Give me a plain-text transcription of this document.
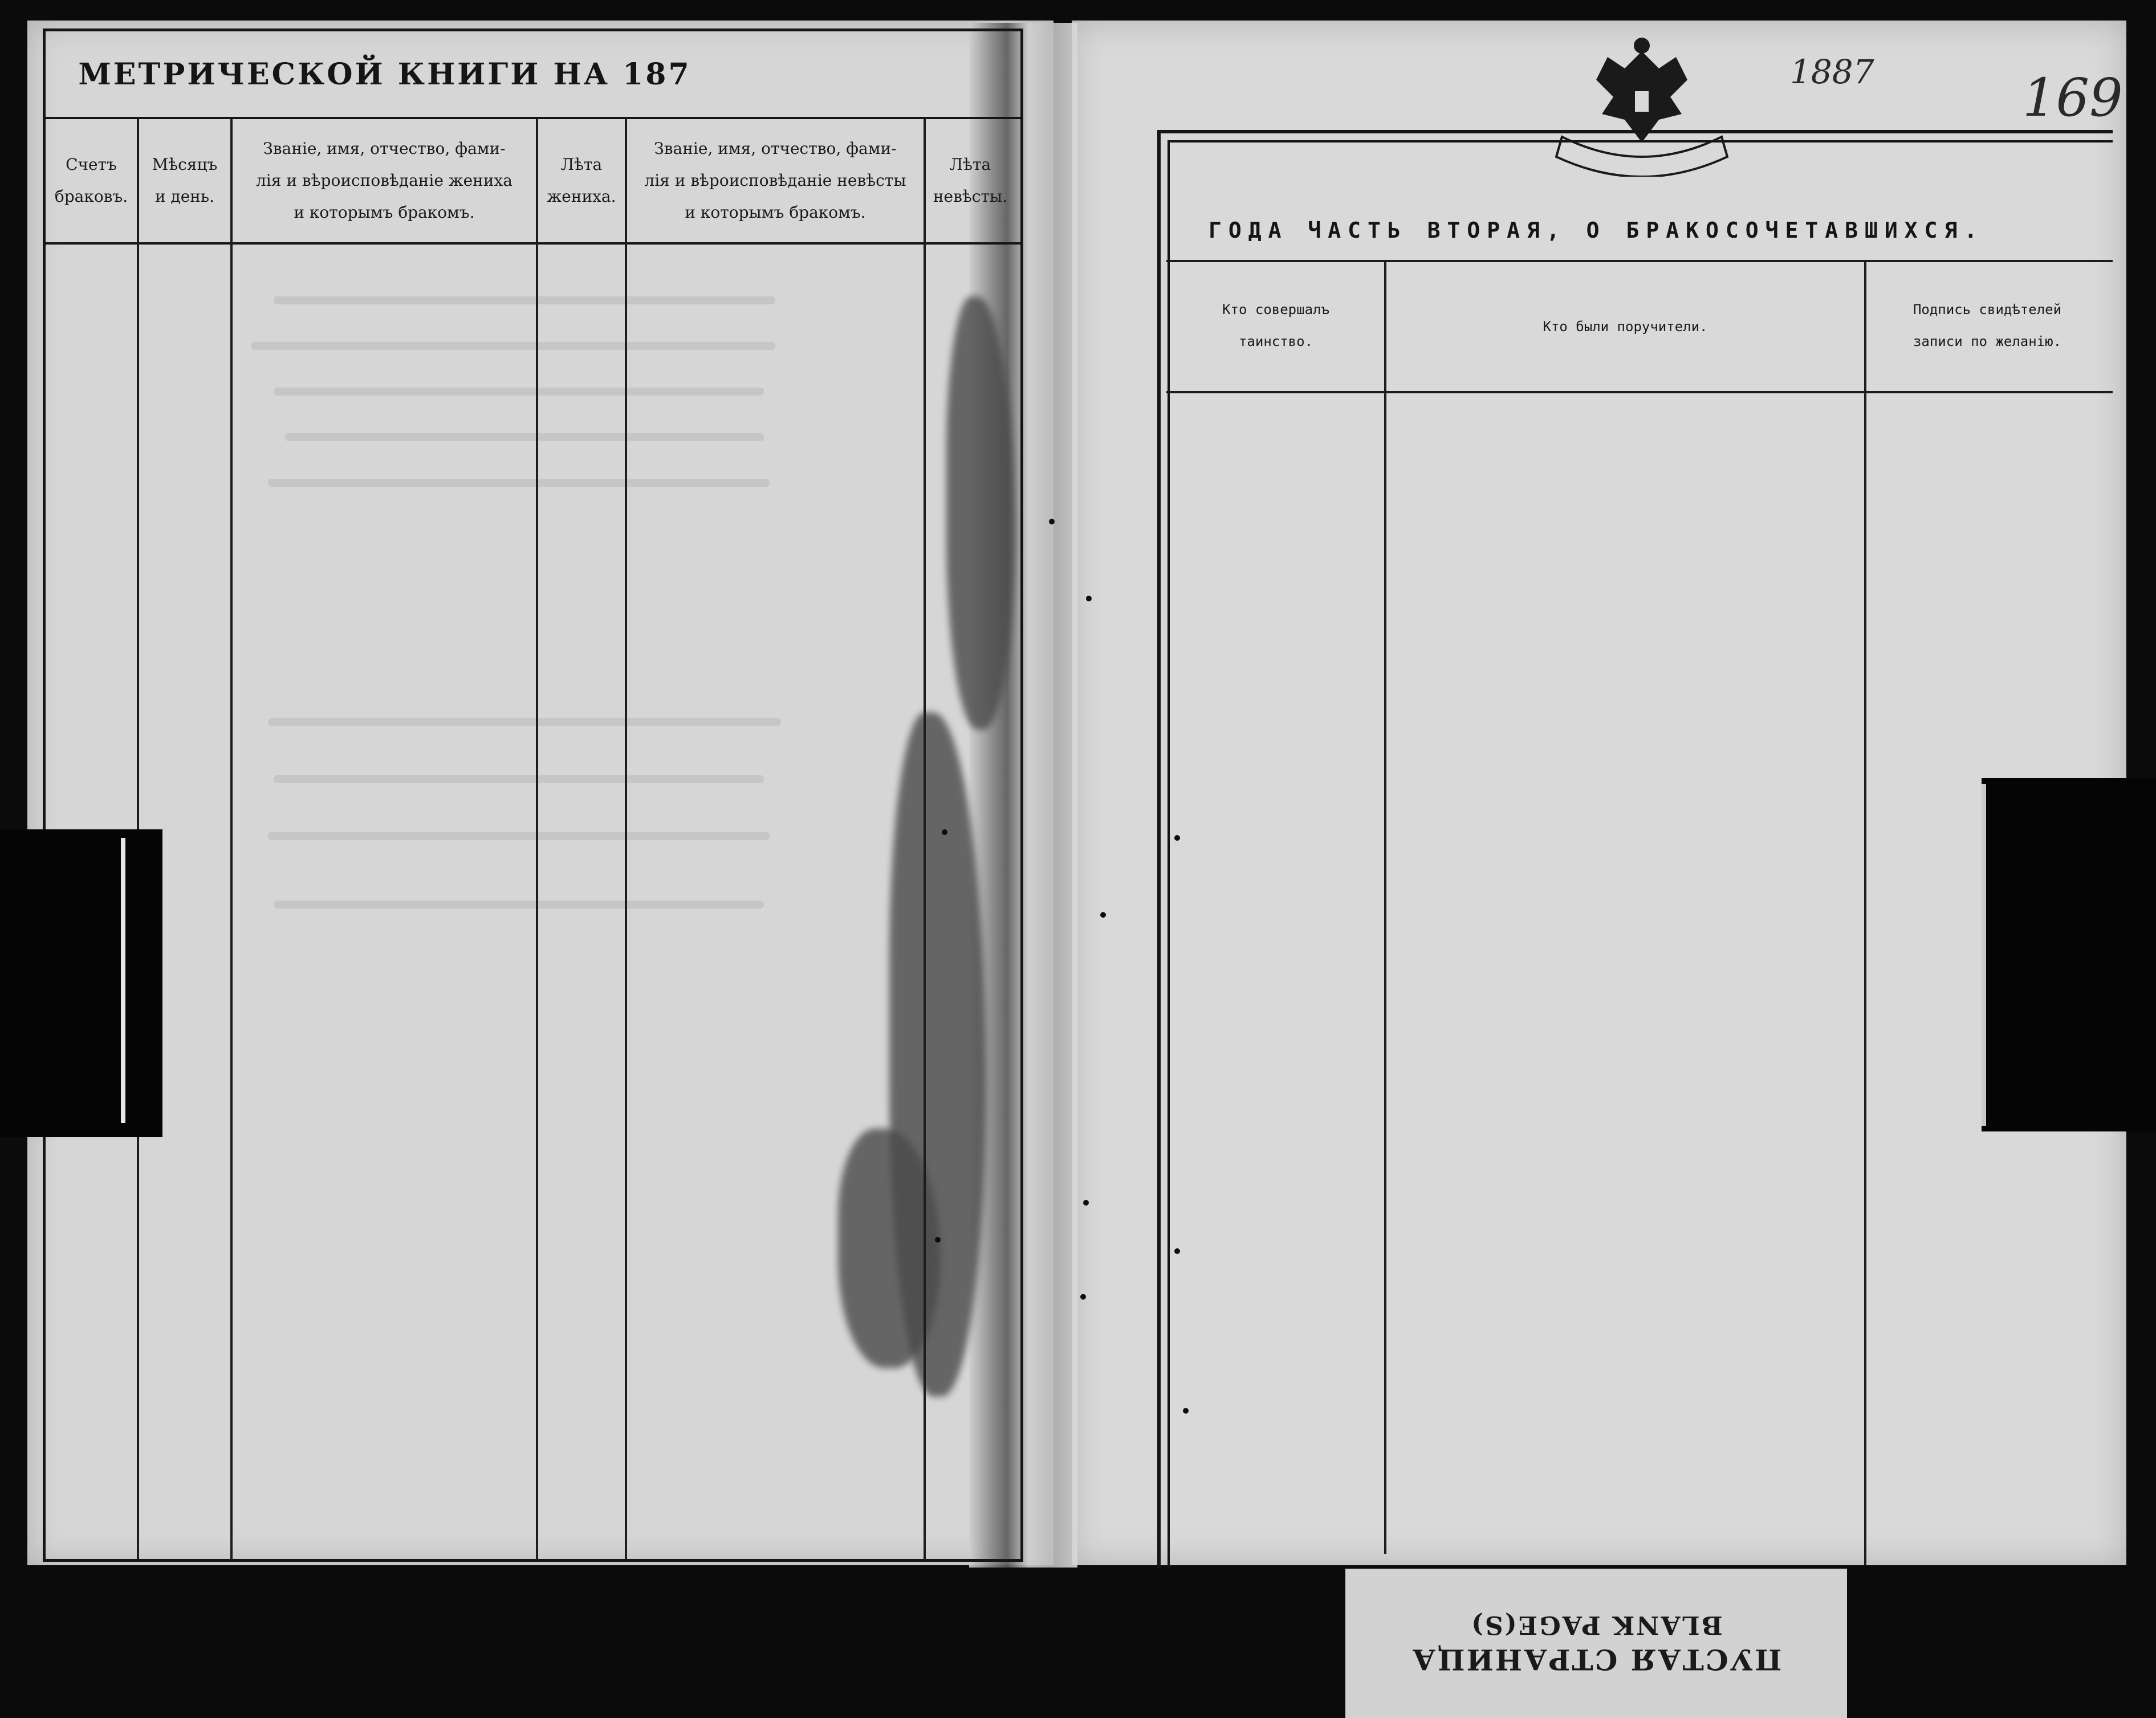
МЕТРИЧЕСКОЙ КНИГИ НА 187
Счетъ
браковъ.
Мѣсяцъ
и день.
Званіе, имя, отчество, фами-
лія и вѣроисповѣданіе жениха
и которымъ бракомъ.
Лѣта
жениха.
Званіе, имя, отчество, фами-
лія и вѣроисповѣданіе невѣсты
и которымъ бракомъ.
Лѣта
невѣсты.
1887	169
ГОДА ЧАСТЬ ВТОРАЯ, О БРАКОСОЧЕТАВШИХСЯ.
Кто совершалъ
таинство.
Кто были поручители.
Подпись свидѣтелей
записи по желанію.
ПУСТАЯ СТРАНИЦА
BLANK PAGE(S)
